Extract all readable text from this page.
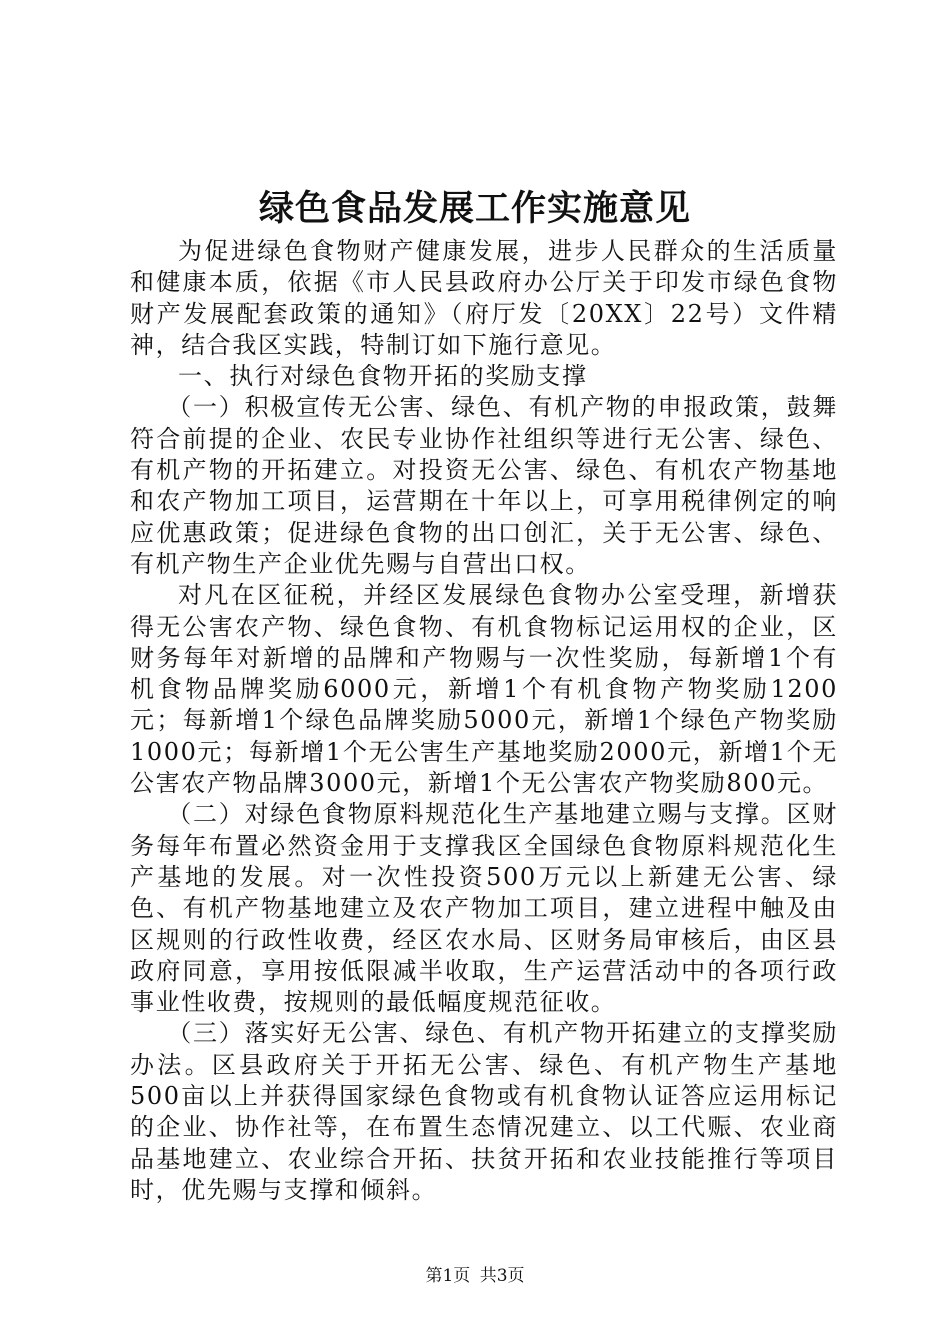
绿色食品发展工作实施意见

为促进绿色食物财产健康发展，进步人民群众的生活质量和健康本质，依据《市人民县政府办公厅关于印发市绿色食物财产发展配套政策的通知》（府厅发〔20XX〕22号）文件精神，结合我区实践，特制订如下施行意见。

一、执行对绿色食物开拓的奖励支撑

（一）积极宣传无公害、绿色、有机产物的申报政策，鼓舞符合前提的企业、农民专业协作社组织等进行无公害、绿色、有机产物的开拓建立。对投资无公害、绿色、有机农产物基地和农产物加工项目，运营期在十年以上，可享用税律例定的响应优惠政策；促进绿色食物的出口创汇，关于无公害、绿色、有机产物生产企业优先赐与自营出口权。

对凡在区征税，并经区发展绿色食物办公室受理，新增获得无公害农产物、绿色食物、有机食物标记运用权的企业，区财务每年对新增的品牌和产物赐与一次性奖励，每新增1个有机食物品牌奖励6000元，新增1个有机食物产物奖励1200元；每新增1个绿色品牌奖励5000元，新增1个绿色产物奖励1000元；每新增1个无公害生产基地奖励2000元，新增1个无公害农产物品牌3000元，新增1个无公害农产物奖励800元。

（二）对绿色食物原料规范化生产基地建立赐与支撑。区财务每年布置必然资金用于支撑我区全国绿色食物原料规范化生产基地的发展。对一次性投资500万元以上新建无公害、绿色、有机产物基地建立及农产物加工项目，建立进程中触及由区规则的行政性收费，经区农水局、区财务局审核后，由区县政府同意，享用按低限减半收取，生产运营活动中的各项行政事业性收费，按规则的最低幅度规范征收。

（三）落实好无公害、绿色、有机产物开拓建立的支撑奖励办法。区县政府关于开拓无公害、绿色、有机产物生产基地500亩以上并获得国家绿色食物或有机食物认证答应运用标记的企业、协作社等，在布置生态情况建立、以工代赈、农业商品基地建立、农业综合开拓、扶贫开拓和农业技能推行等项目时，优先赐与支撑和倾斜。

第1页 共3页
